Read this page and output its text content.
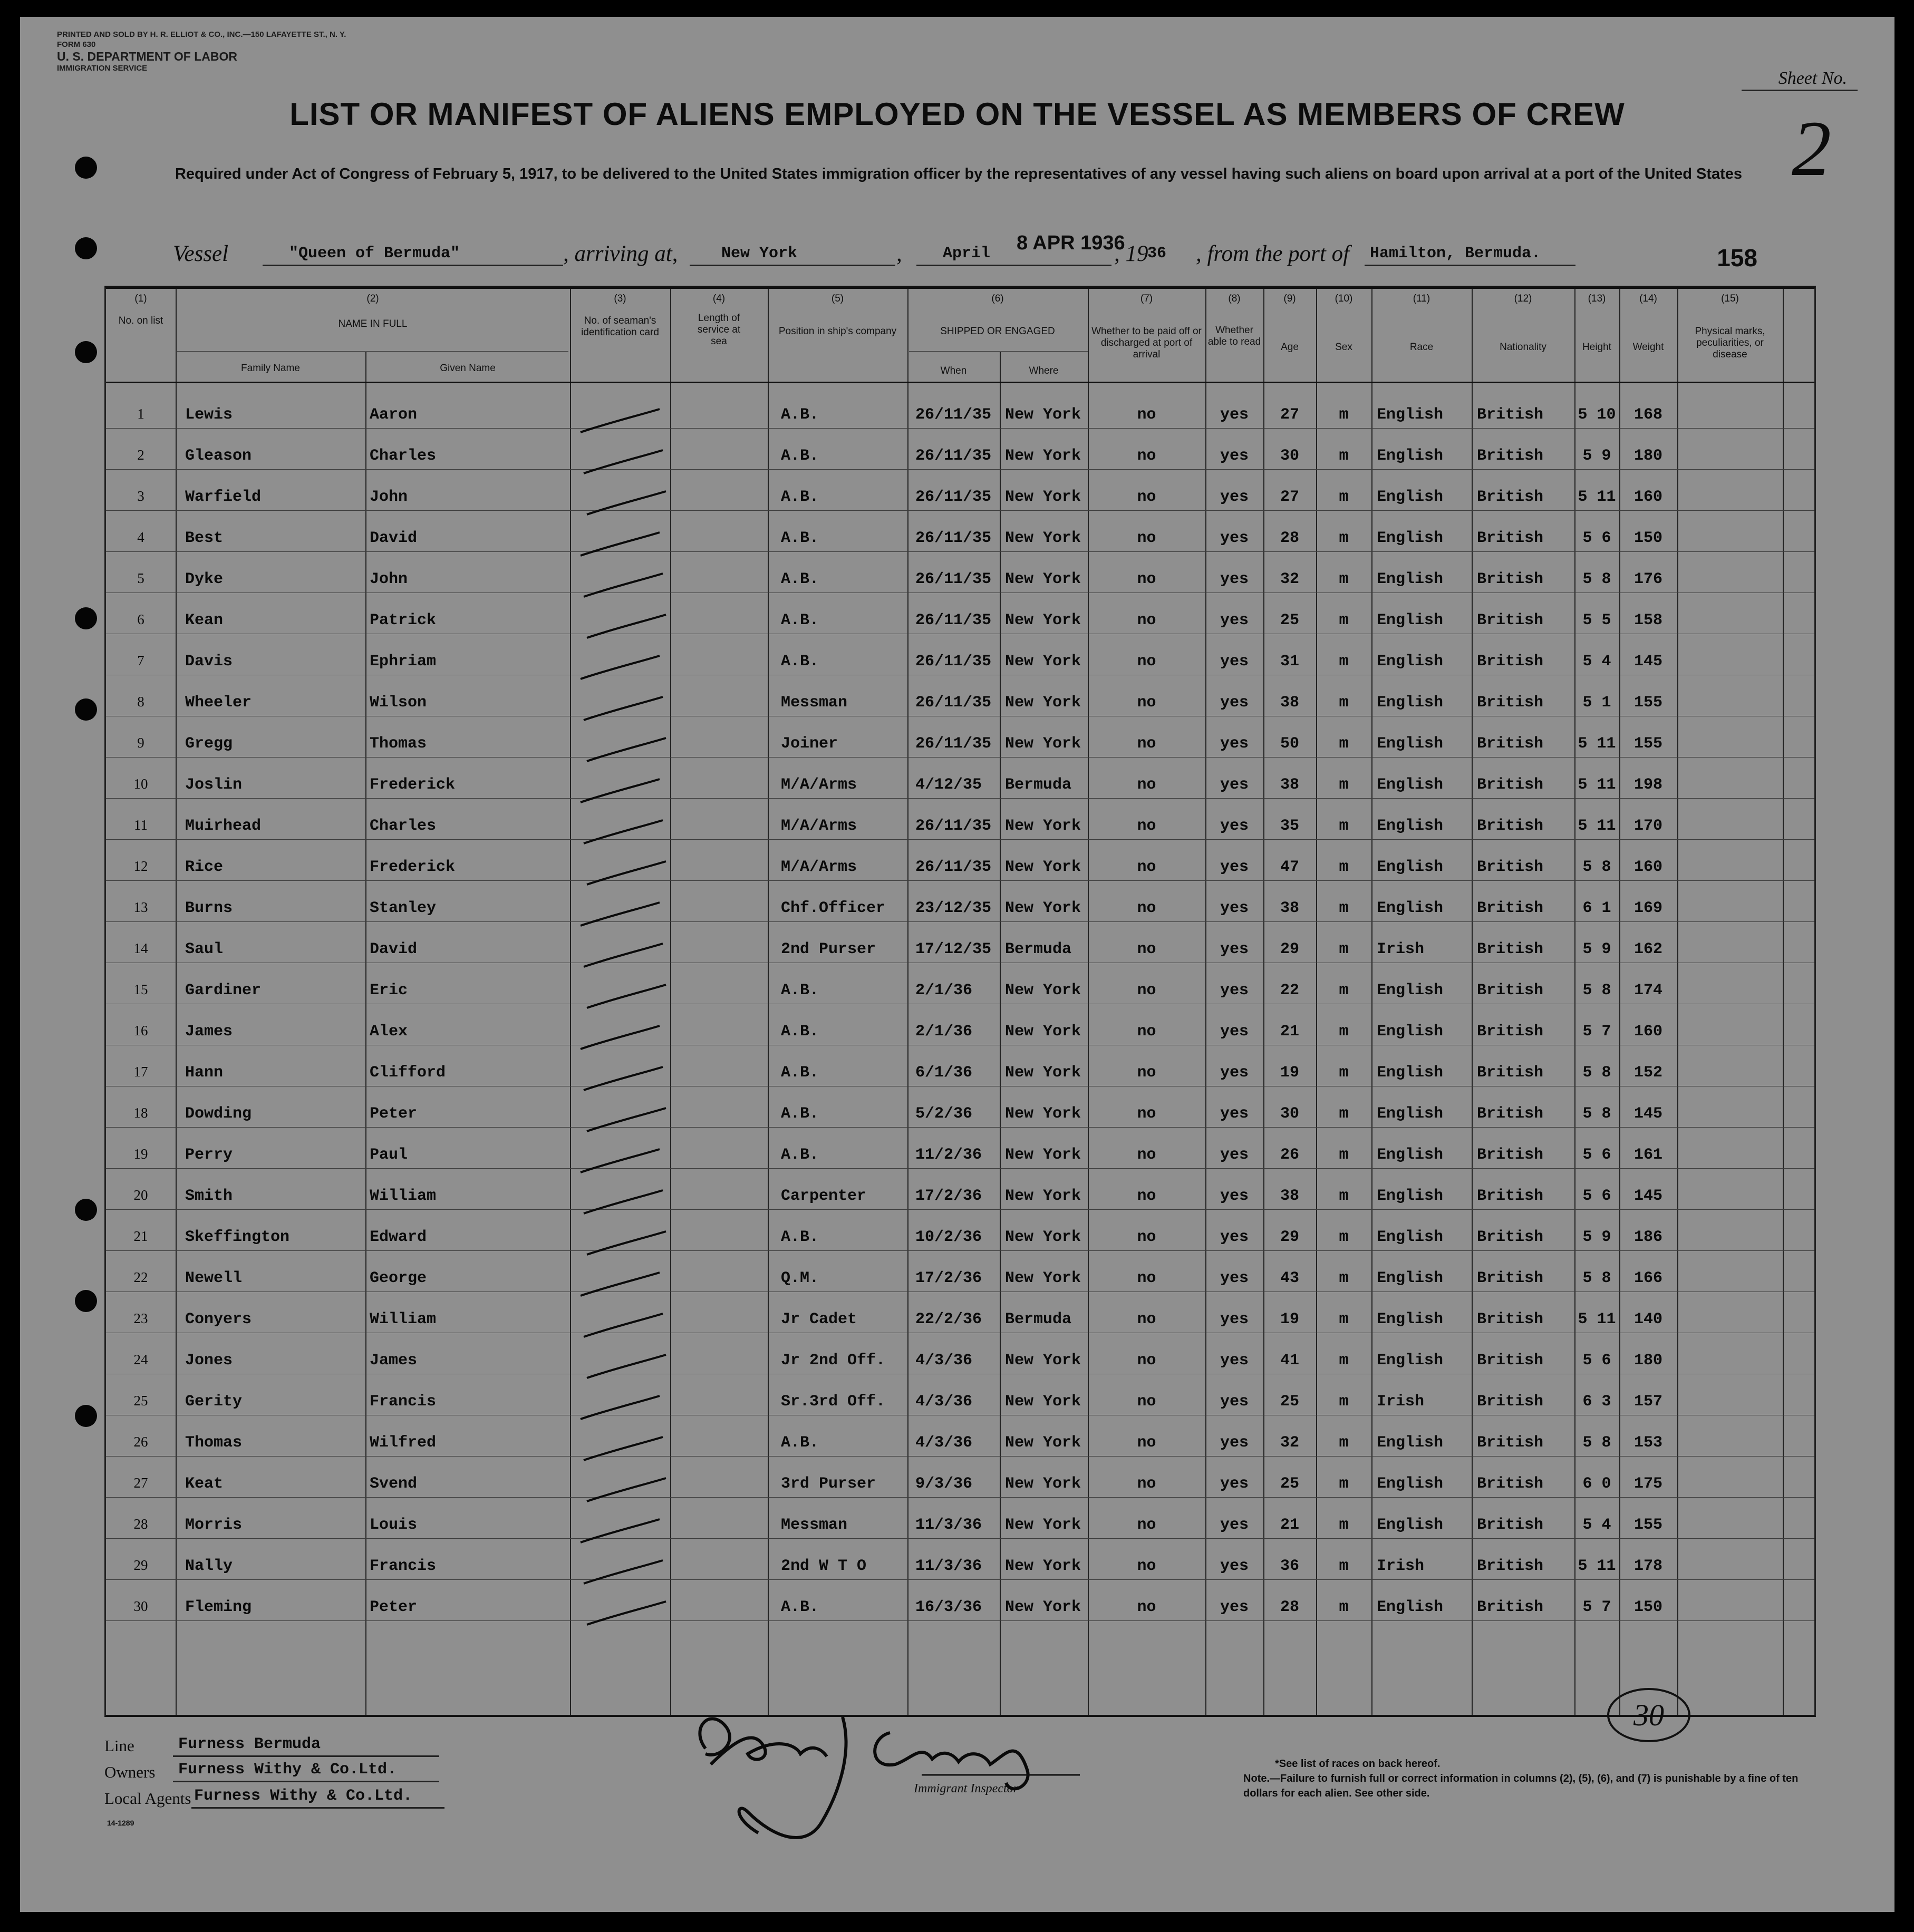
PRINTED AND SOLD BY H. R. ELLIOT & CO., INC.—150 LAFAYETTE ST., N. Y.
FORM 630
U. S. DEPARTMENT OF LABOR
IMMIGRATION SERVICE
Sheet No.
2
LIST OR MANIFEST OF ALIENS EMPLOYED ON THE VESSEL AS MEMBERS OF CREW
Required under Act of Congress of February 5, 1917, to be delivered to the United States immigration officer by the representatives of any vessel having such aliens on board upon arrival at a port of the United States
Vessel	"Queen of Bermuda"	, arriving at,	New York	,	April 8 APR 1936
, 19
36 , from the port of Hamilton, Bermuda.	158
(1)
No. on list
(2)
NAME IN FULL
Family Name	Given Name
(3)
No. of seaman's identification card
(4)
Length of service at sea
(5)
Position in ship's company
(6)
SHIPPED OR ENGAGED
When	Where
(7)
Whether to be paid off or discharged at port of arrival
(8)
Whether able to read
(9)
Age
(10)
Sex
(11)
Race
(12)
Nationality
(13)
Height
(14)
Weight
(15)
Physical marks, peculiarities, or disease
1	Lewis	Aaron	A.B.	26/11/35 New York	no	yes	27	m	English	British	5 10	168
2	Gleason	Charles	A.B.	26/11/35 New York	no	yes	30	m	English	British	5 9	180
3	Warfield	John	A.B.	26/11/35 New York	no	yes	27	m	English	British	5 11	160
4	Best	David	A.B.	26/11/35 New York	no	yes	28	m	English	British	5 6	150
5	Dyke	John	A.B.	26/11/35 New York	no	yes	32	m	English	British	5 8	176
6	Kean	Patrick	A.B.	26/11/35 New York	no	yes	25	m	English	British	5 5	158
7	Davis	Ephriam	A.B.	26/11/35 New York	no	yes	31	m	English	British	5 4	145
8	Wheeler	Wilson	Messman	26/11/35 New York	no	yes	38	m	English	British	5 1	155
9	Gregg	Thomas	Joiner	26/11/35 New York	no	yes	50	m	English	British	5 11	155
10	Joslin	Frederick	M/A/Arms	4/12/35	Bermuda	no	yes	38	m	English	British	5 11	198
11	Muirhead	Charles	M/A/Arms	26/11/35 New York	no	yes	35	m	English	British	5 11	170
12	Rice	Frederick	M/A/Arms	26/11/35 New York	no	yes	47	m	English	British	5 8	160
13	Burns	Stanley	Chf.Officer	23/12/35 New York	no	yes	38	m	English	British	6 1	169
14	Saul	David	2nd Purser	17/12/35 Bermuda	no	yes	29	m	Irish	British	5 9	162
15	Gardiner	Eric	A.B.	2/1/36	New York	no	yes	22	m	English	British	5 8	174
16	James	Alex	A.B.	2/1/36	New York	no	yes	21	m	English	British	5 7	160
17	Hann	Clifford	A.B.	6/1/36	New York	no	yes	19	m	English	British	5 8	152
18	Dowding	Peter	A.B.	5/2/36	New York	no	yes	30	m	English	British	5 8	145
19	Perry	Paul	A.B.	11/2/36	New York	no	yes	26	m	English	British	5 6	161
20	Smith	William	Carpenter	17/2/36	New York	no	yes	38	m	English	British	5 6	145
21	Skeffington	Edward	A.B.	10/2/36	New York	no	yes	29	m	English	British	5 9	186
22	Newell	George	Q.M.	17/2/36	New York	no	yes	43	m	English	British	5 8	166
23	Conyers	William	Jr Cadet	22/2/36	Bermuda	no	yes	19	m	English	British	5 11	140
24	Jones	James	Jr 2nd Off.	4/3/36	New York	no	yes	41	m	English	British	5 6	180
25	Gerity	Francis	Sr.3rd Off.	4/3/36	New York	no	yes	25	m	Irish	British	6 3	157
26	Thomas	Wilfred	A.B.	4/3/36	New York	no	yes	32	m	English	British	5 8	153
27	Keat	Svend	3rd Purser	9/3/36	New York	no	yes	25	m	English	British	6 0	175
28	Morris	Louis	Messman	11/3/36	New York	no	yes	21	m	English	British	5 4	155
29	Nally	Francis	2nd W T O	11/3/36	New York	no	yes	36	m	Irish	British	5 11	178
30	Fleming	Peter	A.B.	16/3/36	New York	no	yes	28	m	English	British	5 7	150
Line	Furness Bermuda
Owners Furness Withy & Co.Ltd.
Local Agents Furness Withy & Co.Ltd.
14-1289
Immigrant Inspector
*See list of races on back hereof.
Note.—Failure to furnish full or correct information in columns (2), (5), (6), and (7) is punishable by a fine of ten dollars for each alien. See other side.
30
